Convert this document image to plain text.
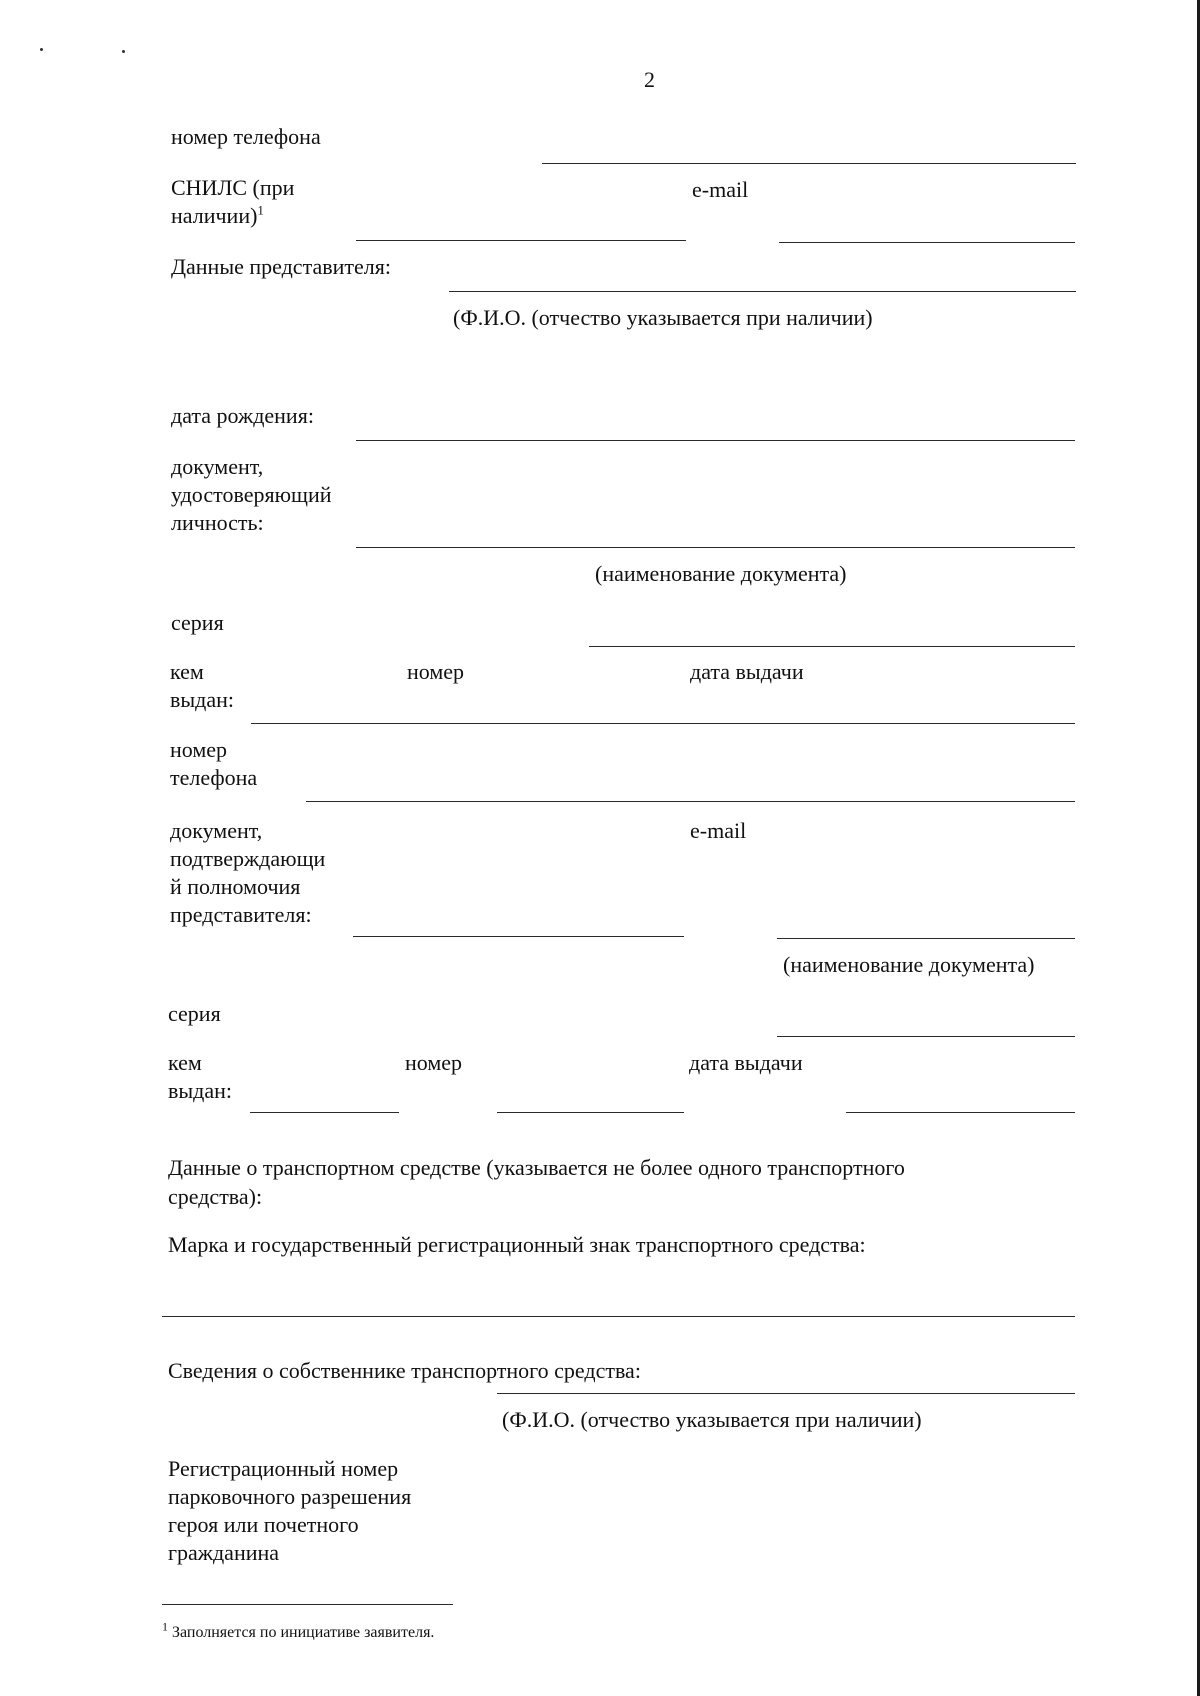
2
номер телефона
СНИЛС (при
наличии)$^1$
e-mail
Данные представителя:
(Ф.И.О. (отчество указывается при наличии)
дата рождения:
документ,
удостоверяющий
личность:
(наименование документа)
серия
кем
выдан:
номер	дата выдачи
номер
телефона
документ,
подтверждающи
й полномочия
представителя:
e-mail
(наименование документа)
серия
кем
выдан:
номер	дата выдачи
Данные о транспортном средстве (указывается не более одного транспортного
средства):
Марка и государственный регистрационный знак транспортного средства:
Сведения о собственнике транспортного средства:
(Ф.И.О. (отчество указывается при наличии)
Регистрационный номер
парковочного разрешения
героя или почетного
гражданина
$^1$ Заполняется по инициативе заявителя.
